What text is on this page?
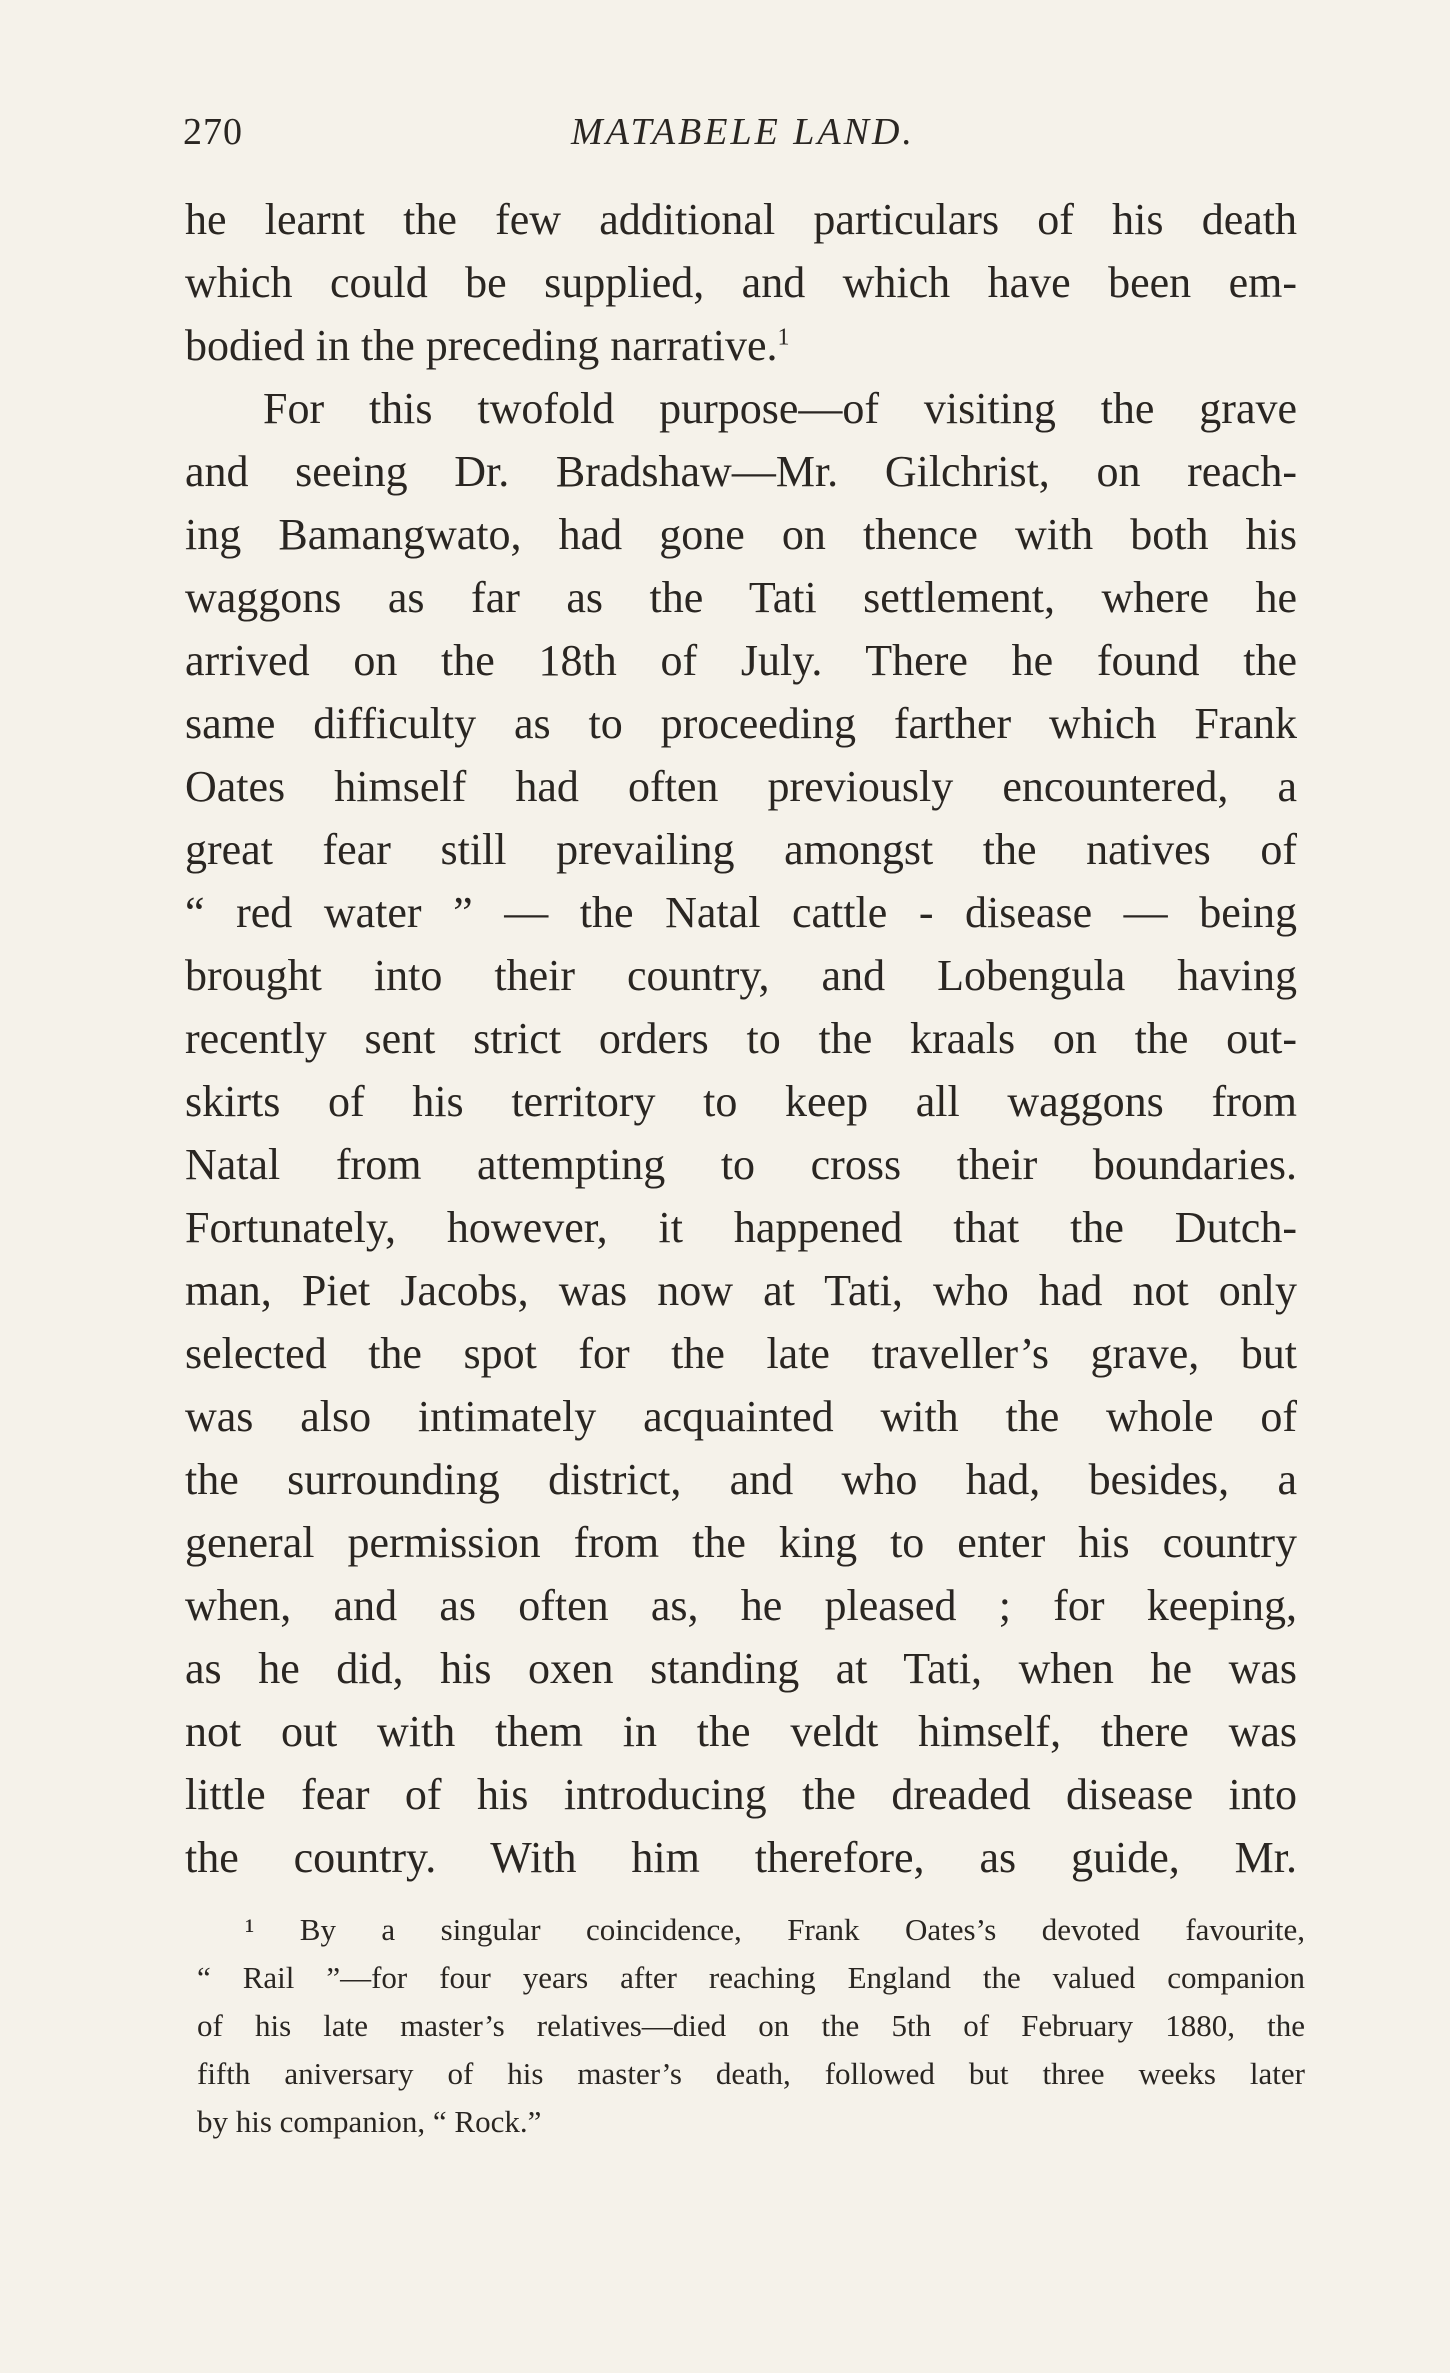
270	MATABELE LAND.
he learnt the few additional particulars of his death
which could be supplied, and which have been em-
bodied in the preceding narrative.$^1$
For this twofold purpose—of visiting the grave
and seeing Dr. Bradshaw—Mr. Gilchrist, on reach-
ing Bamangwato, had gone on thence with both his
waggons as far as the Tati settlement, where he
arrived on the 18th of July. There he found the
same difficulty as to proceeding farther which Frank
Oates himself had often previously encountered, a
great fear still prevailing amongst the natives of
“ red water ” — the Natal cattle - disease — being
brought into their country, and Lobengula having
recently sent strict orders to the kraals on the out-
skirts of his territory to keep all waggons from
Natal from attempting to cross their boundaries.
Fortunately, however, it happened that the Dutch-
man, Piet Jacobs, was now at Tati, who had not only
selected the spot for the late traveller’s grave, but
was also intimately acquainted with the whole of
the surrounding district, and who had, besides, a
general permission from the king to enter his country
when, and as often as, he pleased ; for keeping,
as he did, his oxen standing at Tati, when he was
not out with them in the veldt himself, there was
little fear of his introducing the dreaded disease into
the country. With him therefore, as guide, Mr.
¹ By a singular coincidence, Frank Oates’s devoted favourite,
“ Rail ”—for four years after reaching England the valued companion
of his late master’s relatives—died on the 5th of February 1880, the
fifth aniversary of his master’s death, followed but three weeks later
by his companion, “ Rock.”
